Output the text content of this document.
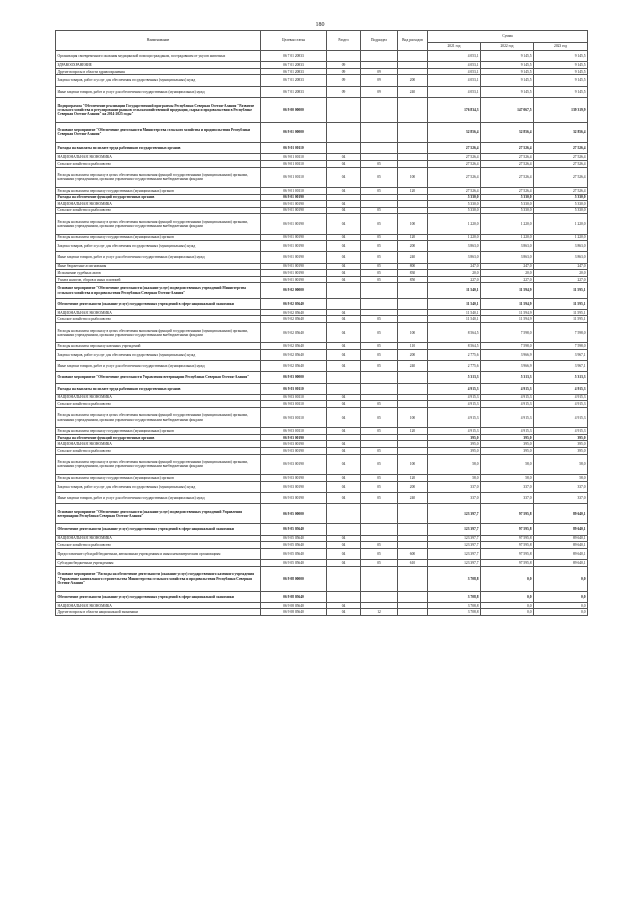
180
Наименование	Целевая статья	Раздел	Подраздел	Вид расходов	Сумма		
					2021 год	2022 год	2023 год
Организация своевременного оказания медицинской помощи гражданам, пострадавшим от укусов животных	06 7 01 20833				4 053,1	9 145,5	9 145,5
ЗДРАВООХРАНЕНИЕ	06 7 01 20833	09			4 053,1	9 145,5	9 145,5
Другие вопросы в области здравоохранения	06 7 01 20833	09	09		4 053,1	9 145,5	9 145,5
Закупка товаров, работ и услуг для обеспечения государственных (муниципальных) нужд	06 7 01 20833	09	09	200	4 053,1	9 145,5	9 145,5
Иные закупки товаров, работ и услуг для обеспечения государственных (муниципальных) нужд	06 7 01 20833	09	09	240	4 053,1	9 145,5	9 145,5
Подпрограмма "Обеспечение реализации Государственной программы Республики Северная Осетия-Алания "Развитие сельского хозяйства и регулирование рынков сельскохозяйственной продукции, сырья и продовольствия в Республике Северная Осетия-Алания" на 2014-2025 годы"	06 9 00 00000				176 834,3	147 067,5	139 319,9
Основное мероприятие "Обеспечение деятельности Министерства сельского хозяйства и продовольствия Республики Северная Осетия-Алания"	06 9 01 00000				32 856,4	32 856,4	32 856,4
Расходы на выплаты по оплате труда работников государственных органов	06 9 01 00110				27 526,4	27 526,4	27 526,4
НАЦИОНАЛЬНАЯ ЭКОНОМИКА	06 9 01 00110	04			27 526,4	27 526,4	27 526,4
Сельское хозяйство и рыболовство	06 9 01 00110	04	05		27 526,4	27 526,4	27 526,4
Расходы на выплаты персоналу в целях обеспечения выполнения функций государственными (муниципальными) органами, казенными учреждениями, органами управления государственными внебюджетными фондами	06 9 01 00110	04	05	100	27 526,4	27 526,4	27 526,4
Расходы на выплаты персоналу государственных (муниципальных) органов	06 9 01 00110	04	05	120	27 526,4	27 526,4	27 526,4
Расходы на обеспечение функций государственных органов	06 9 01 00190				5 330,0	5 330,0	5 330,0
НАЦИОНАЛЬНАЯ ЭКОНОМИКА	06 9 01 00190	04			5 330,0	5 330,0	5 330,0
Сельское хозяйство и рыболовство	06 9 01 00190	04	05		5 330,0	5 330,0	5 330,0
Расходы на выплаты персоналу в целях обеспечения выполнения функций государственными (муниципальными) органами, казенными учреждениями, органами управления государственными внебюджетными фондами	06 9 01 00190	04	05	100	1 220,0	1 220,0	1 220,0
Расходы на выплаты персоналу государственных (муниципальных) органов	06 9 01 00190	04	05	120	1 220,0	1 220,0	1 220,0
Закупка товаров, работ и услуг для обеспечения государственных (муниципальных) нужд	06 9 01 00190	04	05	200	3 863,0	3 863,0	3 863,0
Иные закупки товаров, работ и услуг для обеспечения государственных (муниципальных) нужд	06 9 01 00190	04	05	240	3 863,0	3 863,0	3 863,0
Иные бюджетные ассигнования	06 9 01 00190	04	05	800	247,0	247,0	247,0
Исполнение судебных актов	06 9 01 00190	04	05	830	20,0	20,0	20,0
Уплата налогов, сборов и иных платежей	06 9 01 00190	04	05	850	227,0	227,0	227,0
Основное мероприятие "Обеспечение деятельности (оказание услуг) подведомственных учреждений Министерства сельского хозяйства и продовольствия Республики Северная Осетия-Алания"	06 9 02 00000				11 540,1	11 594,9	11 595,1
Обеспечение деятельности (оказание услуг) государственных учреждений в сфере национальной экономики	06 9 02 05640				11 540,1	11 594,9	11 595,1
НАЦИОНАЛЬНАЯ ЭКОНОМИКА	06 9 02 05640	04			11 540,1	11 594,9	11 595,1
Сельское хозяйство и рыболовство	06 9 02 05640	04	05		11 540,1	11 594,9	11 595,1
Расходы на выплаты персоналу в целях обеспечения выполнения функций государственными (муниципальными) органами, казенными учреждениями, органами управления государственными внебюджетными фондами	06 9 02 05640	04	05	100	8 564,5	7 598,0	7 598,0
Расходы на выплаты персоналу казенных учреждений	06 9 02 05640	04	05	110	8 564,5	7 598,0	7 598,0
Закупка товаров, работ и услуг для обеспечения государственных (муниципальных) нужд	06 9 02 05640	04	05	200	2 775,6	3 966,9	3 967,1
Иные закупки товаров, работ и услуг для обеспечения государственных (муниципальных) нужд	06 9 02 05640	04	05	240	2 775,6	3 966,9	3 967,1
Основное мероприятие "Обеспечение деятельности Управления ветеринарии Республики Северная Осетия-Алания"	06 9 03 00000				5 313,3	5 313,3	5 313,3
Расходы на выплаты по оплате труда работников государственных органов	06 9 03 00110				4 915,3	4 915,3	4 915,3
НАЦИОНАЛЬНАЯ ЭКОНОМИКА	06 9 03 00110	04			4 915,3	4 915,3	4 915,3
Сельское хозяйство и рыболовство	06 9 03 00110	04	05		4 915,3	4 915,3	4 915,3
Расходы на выплаты персоналу в целях обеспечения выполнения функций государственными (муниципальными) органами, казенными учреждениями, органами управления государственными внебюджетными фондами	06 9 03 00110	04	05	100	4 915,3	4 915,3	4 915,3
Расходы на выплаты персоналу государственных (муниципальных) органов	06 9 03 00110	04	05	120	4 915,3	4 915,3	4 915,3
Расходы на обеспечение функций государственных органов	06 9 03 00190				395,0	395,0	395,0
НАЦИОНАЛЬНАЯ ЭКОНОМИКА	06 9 03 00190	04			395,0	395,0	395,0
Сельское хозяйство и рыболовство	06 9 03 00190	04	05		395,0	395,0	395,0
Расходы на выплаты персоналу в целях обеспечения выполнения функций государственными (муниципальными) органами, казенными учреждениями, органами управления государственными внебюджетными фондами	06 9 03 00190	04	05	100	58,0	58,0	58,0
Расходы на выплаты персоналу государственных (муниципальных) органов	06 9 03 00190	04	05	120	58,0	58,0	58,0
Закупка товаров, работ и услуг для обеспечения государственных (муниципальных) нужд	06 9 03 00190	04	05	200	337,0	337,0	337,0
Иные закупки товаров, работ и услуг для обеспечения государственных (муниципальных) нужд	06 9 03 00190	04	05	240	337,0	337,0	337,0
Основное мероприятие "Обеспечение деятельности (оказание услуг) подведомственных учреждений Управления ветеринарии Республики Северная Осетия-Алания"	06 9 05 00000				123 397,7	97 595,8	89 640,1
Обеспечение деятельности (оказание услуг) государственных учреждений в сфере национальной экономики	06 9 05 05640				123 397,7	97 595,8	89 640,1
НАЦИОНАЛЬНАЯ ЭКОНОМИКА	06 9 05 05640	04			123 397,7	97 595,8	89 640,1
Сельское хозяйство и рыболовство	06 9 05 05640	04	05		123 397,7	97 595,8	89 640,1
Предоставление субсидий бюджетным, автономным учреждениям и иным некоммерческим организациям	06 9 05 05640	04	05	600	123 397,7	97 595,8	89 640,1
Субсидии бюджетным учреждениям	06 9 05 05640	04	05	610	123 397,7	97 595,8	89 640,1
Основное мероприятие "Расходы на обеспечение деятельности (оказание услуг) государственного казенного учреждения "Управление капитального строительства Министерства сельского хозяйства и продовольствия Республики Северная Осетия-Алания"	06 9 08 00000				3 708,8	0,0	0,0
Обеспечение деятельности (оказание услуг) государственных учреждений в сфере национальной экономики	06 9 08 05640				3 708,8	0,0	0,0
НАЦИОНАЛЬНАЯ ЭКОНОМИКА	06 9 08 05640	04			3 708,8	0,0	0,0
Другие вопросы в области национальной экономики	06 9 08 05640	04	12		3 708,8	0,0	0,0
